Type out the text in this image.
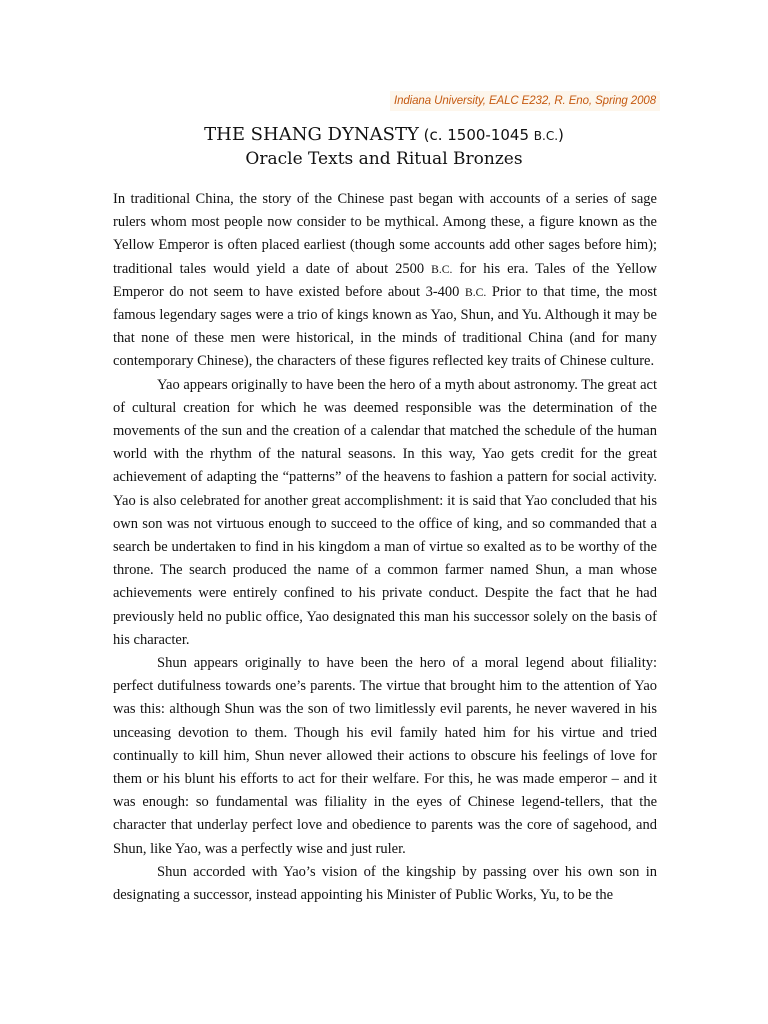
Indiana University, EALC E232, R. Eno, Spring 2008
THE SHANG DYNASTY (c. 1500-1045 B.C.)
Oracle Texts and Ritual Bronzes

In traditional China, the story of the Chinese past began with accounts of a series of sage rulers whom most people now consider to be mythical. Among these, a figure known as the Yellow Emperor is often placed earliest (though some accounts add other sages before him); traditional tales would yield a date of about 2500 B.C. for his era. Tales of the Yellow Emperor do not seem to have existed before about 3-400 B.C. Prior to that time, the most famous legendary sages were a trio of kings known as Yao, Shun, and Yu. Although it may be that none of these men were historical, in the minds of traditional China (and for many contemporary Chinese), the characters of these figures reflected key traits of Chinese culture.

Yao appears originally to have been the hero of a myth about astronomy. The great act of cultural creation for which he was deemed responsible was the determination of the movements of the sun and the creation of a calendar that matched the schedule of the human world with the rhythm of the natural seasons. In this way, Yao gets credit for the great achievement of adapting the “patterns” of the heavens to fashion a pattern for social activity. Yao is also celebrated for another great accomplishment: it is said that Yao concluded that his own son was not virtuous enough to succeed to the office of king, and so commanded that a search be undertaken to find in his kingdom a man of virtue so exalted as to be worthy of the throne. The search produced the name of a common farmer named Shun, a man whose achievements were entirely confined to his private conduct. Despite the fact that he had previously held no public office, Yao designated this man his successor solely on the basis of his character.

Shun appears originally to have been the hero of a moral legend about filiality: perfect dutifulness towards one’s parents. The virtue that brought him to the attention of Yao was this: although Shun was the son of two limitlessly evil parents, he never wavered in his unceasing devotion to them. Though his evil family hated him for his virtue and tried continually to kill him, Shun never allowed their actions to obscure his feelings of love for them or his blunt his efforts to act for their welfare. For this, he was made emperor – and it was enough: so fundamental was filiality in the eyes of Chinese legend-tellers, that the character that underlay perfect love and obedience to parents was the core of sagehood, and Shun, like Yao, was a perfectly wise and just ruler.

Shun accorded with Yao’s vision of the kingship by passing over his own son in designating a successor, instead appointing his Minister of Public Works, Yu, to be the
